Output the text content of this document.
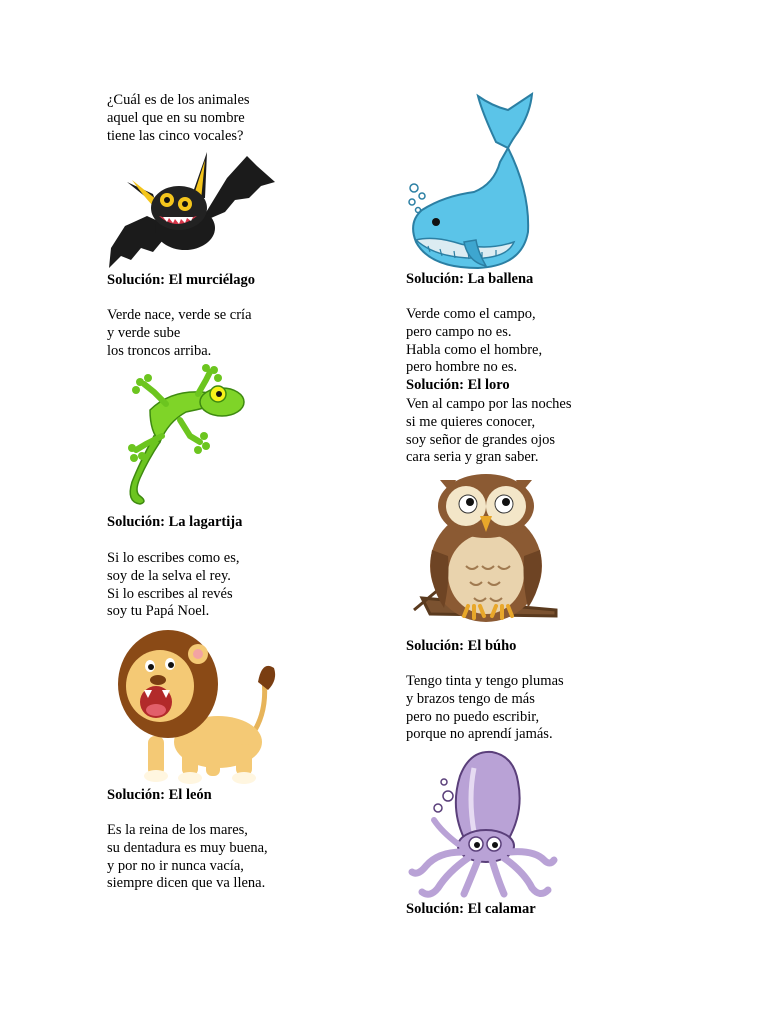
¿Cuál es de los animales
aquel que en su nombre
tiene las cinco vocales?
Solución: El murciélago
Verde nace, verde se cría
y verde sube
los troncos arriba.
Solución: La lagartija
Si lo escribes como es,
soy de la selva el rey.
Si lo escribes al revés
soy tu Papá Noel.
Solución: El león
Es la reina de los mares,
su dentadura es muy buena,
y por no ir nunca vacía,
siempre dicen que va llena.
Solución: La ballena
Verde como el campo,
pero campo no es.
Habla como el hombre,
pero hombre no es.
Solución: El loro
Ven al campo por las noches
si me quieres conocer,
soy señor de grandes ojos
cara seria y gran saber.
Solución: El búho
Tengo tinta y tengo plumas
y brazos tengo de más
pero no puedo escribir,
porque no aprendí jamás.
Solución: El calamar
